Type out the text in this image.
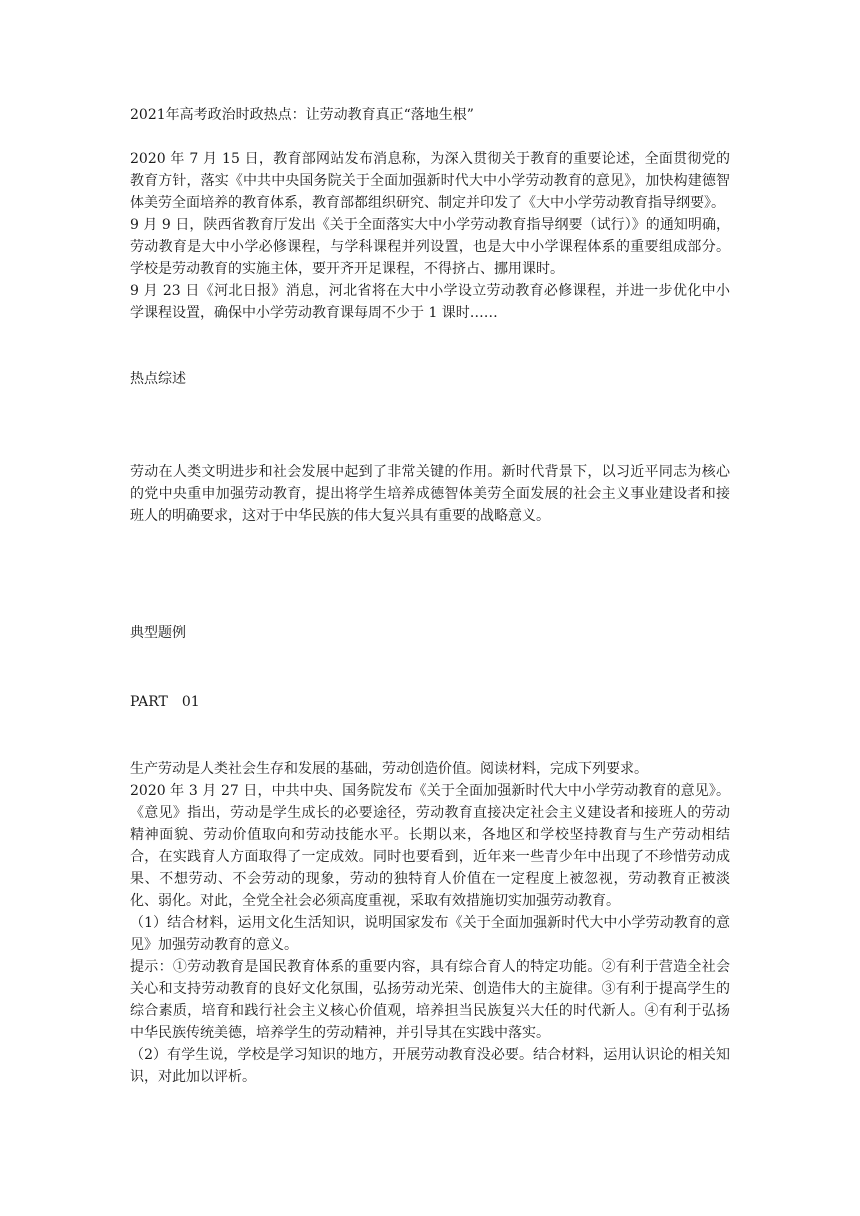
2021年高考政治时政热点：让劳动教育真正“落地生根”

2020 年 7 月 15 日，教育部网站发布消息称，为深入贯彻关于教育的重要论述，全面贯彻党的教育方针，落实《中共中央国务院关于全面加强新时代大中小学劳动教育的意见》，加快构建德智体美劳全面培养的教育体系，教育部都组织研究、制定并印发了《大中小学劳动教育指导纲要》。

9 月 9 日，陕西省教育厅发出《关于全面落实大中小学劳动教育指导纲要（试行）》的通知明确，劳动教育是大中小学必修课程，与学科课程并列设置，也是大中小学课程体系的重要组成部分。学校是劳动教育的实施主体，要开齐开足课程，不得挤占、挪用课时。

9 月 23 日《河北日报》消息，河北省将在大中小学设立劳动教育必修课程，并进一步优化中小学课程设置，确保中小学劳动教育课每周不少于 1 课时……

热点综述

劳动在人类文明进步和社会发展中起到了非常关键的作用。新时代背景下，以习近平同志为核心的党中央重申加强劳动教育，提出将学生培养成德智体美劳全面发展的社会主义事业建设者和接班人的明确要求，这对于中华民族的伟大复兴具有重要的战略意义。

典型题例
PART　01

生产劳动是人类社会生存和发展的基础，劳动创造价值。阅读材料，完成下列要求。

2020 年 3 月 27 日，中共中央、国务院发布《关于全面加强新时代大中小学劳动教育的意见》。《意见》指出，劳动是学生成长的必要途径，劳动教育直接决定社会主义建设者和接班人的劳动精神面貌、劳动价值取向和劳动技能水平。长期以来，各地区和学校坚持教育与生产劳动相结合，在实践育人方面取得了一定成效。同时也要看到，近年来一些青少年中出现了不珍惜劳动成果、不想劳动、不会劳动的现象，劳动的独特育人价值在一定程度上被忽视，劳动教育正被淡化、弱化。对此，全党全社会必须高度重视，采取有效措施切实加强劳动教育。

（1）结合材料，运用文化生活知识，说明国家发布《关于全面加强新时代大中小学劳动教育的意见》加强劳动教育的意义。

提示：①劳动教育是国民教育体系的重要内容，具有综合育人的特定功能。②有利于营造全社会关心和支持劳动教育的良好文化氛围，弘扬劳动光荣、创造伟大的主旋律。③有利于提高学生的综合素质，培育和践行社会主义核心价值观，培养担当民族复兴大任的时代新人。④有利于弘扬中华民族传统美德，培养学生的劳动精神，并引导其在实践中落实。

（2）有学生说，学校是学习知识的地方，开展劳动教育没必要。结合材料，运用认识论的相关知识，对此加以评析。
